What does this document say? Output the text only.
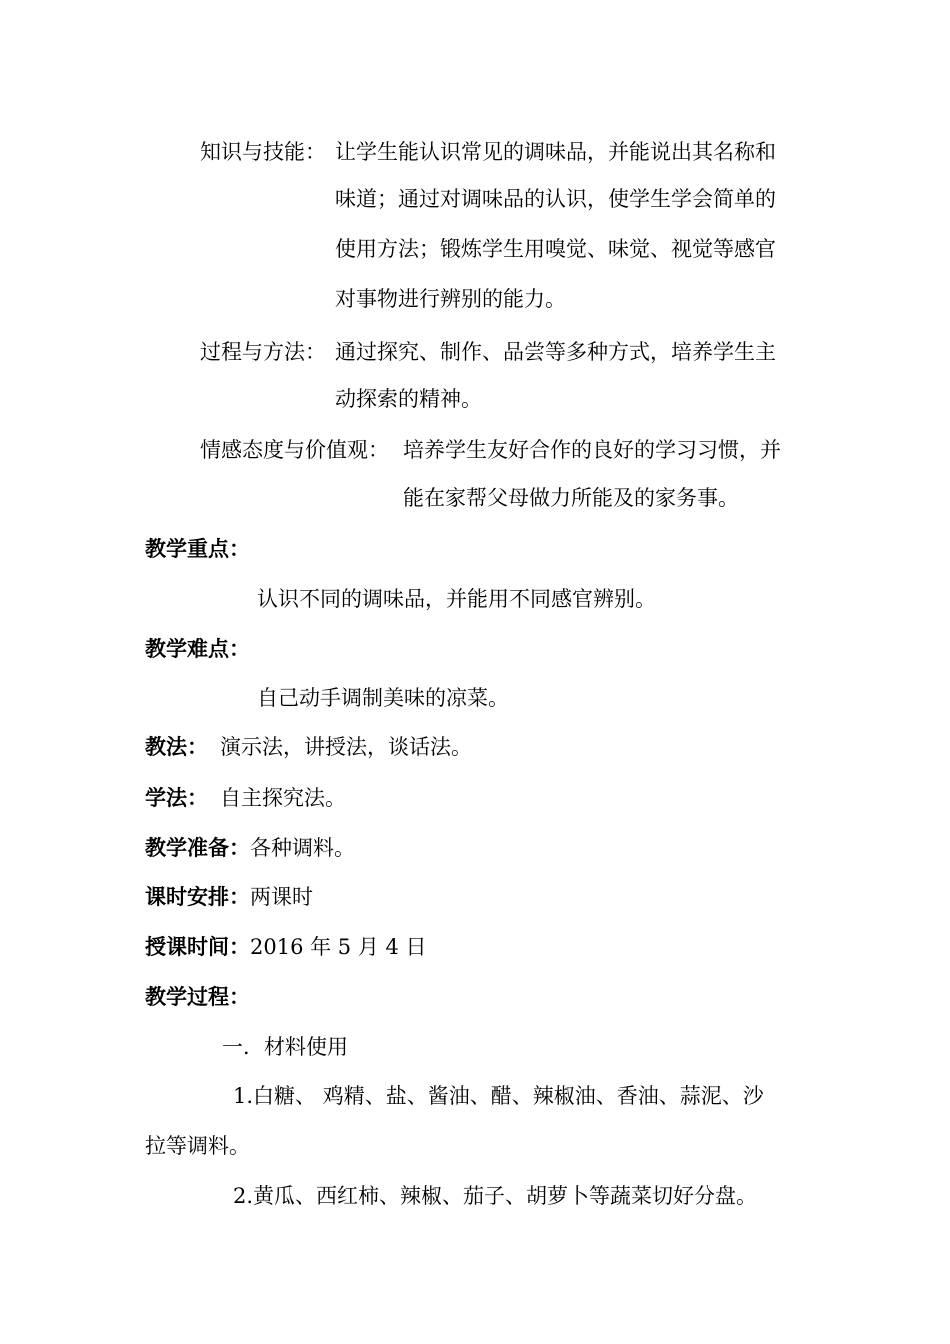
知识与技能： 让学生能认识常见的调味品，并能说出其名称和

味道；通过对调味品的认识，使学生学会简单的

使用方法；锻炼学生用嗅觉、味觉、视觉等感官

对事物进行辨别的能力。

过程与方法： 通过探究、制作、品尝等多种方式，培养学生主

动探索的精神。

情感态度与价值观： 培养学生友好合作的良好的学习习惯，并

能在家帮父母做力所能及的家务事。

教学重点：

认识不同的调味品，并能用不同感官辨别。

教学难点：

自己动手调制美味的凉菜。

教法： 演示法，讲授法，谈话法。

学法： 自主探究法。

教学准备：各种调料。

课时安排：两课时

授课时间：2016 年 5 月 4 日

教学过程：

一．材料使用

1.白糖、 鸡精、盐、酱油、醋、辣椒油、香油、蒜泥、沙

拉等调料。

2.黄瓜、西红柿、辣椒、茄子、胡萝卜等蔬菜切好分盘。
